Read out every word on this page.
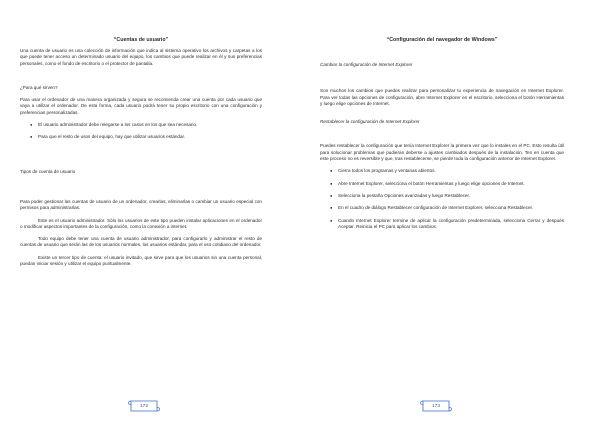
“Cuentas de usuario”

Una cuenta de usuario es una colección de información que indica al sistema operativo los archivos y carpetas a los que puede tener acceso un determinado usuario del equipo, los cambios que puede realizar en él y sus preferencias personales, como el fondo de escritorio o el protector de pantalla.

¿Para qué sirven?

Para usar el ordenador de una manera organizada y segura se recomienda crear una cuenta por cada usuario que vaya a utilizar el ordenador. De esta forma, cada usuario podrá tener su propio escritorio con una configuración y preferencias personalizadas.

● El usuario administrador debe relegarse a los casos en los que sea necesario.
● Para que el resto de usos del equipo, hay que utilizar usuarios estándar.

Tipos de cuenta de usuario

Para poder gestionar las cuentas de usuario de un ordenador, crearlas, eliminarlas o cambiar un usuario especial con permisos para administrarlas.

Este es el usuario administrador. Sólo los usuarios de este tipo pueden instalar aplicaciones en el ordenador o modificar aspectos importantes de la configuración, como la conexión a internet.

Todo equipo debe tener una cuenta de usuario administrador, para configurarlo y administrar el resto de cuentas de usuario que serán las de los usuarios normales, los usuarios estándar, para el uso cotidiano del ordenador.

Existe un tercer tipo de cuenta: el usuario invitado, que sirve para que los usuarios sin una cuenta personal, puedan iniciar sesión y utilizar el equipo puntualmente.

172
“Configuración del navegador de Windows”

Cambiar la configuración de Internet Explorer

Son muchos los cambios que puedes realizar para personalizar tu experiencia de navegación en Internet Explorer. Para ver todas las opciones de configuración, abre Internet Explorer en el escritorio, selecciona el botón Herramientas y luego elige opciones de Internet.

Restablecer la configuración de Internet Explorer

Puedes restablecer la configuración que tenía Internet Explorer la primera vez que lo instales en el PC. Esto resulta útil para solucionar problemas que pudieran deberse a ajustes cambiados después de la instalación. Ten en cuenta que este proceso no es reversible y que, tras restablecerse, se pierde toda la configuración anterior de Internet Explorer.

● Cierra todos los programas y ventanas abiertos.
● Abre Internet Explorer, selecciona el botón Herramientas y luego elige opciones de Internet.
● Selecciona la pestaña Opciones avanzadas y luego Restablecer.
● En el cuadro de diálogo Restablecer configuración de Internet Explorer, selecciona Restablecer.
● Cuando Internet Explorer termine de aplicar la configuración predeterminada, selecciona Cerrar y después Aceptar. Reinicia el PC para aplicar los cambios.
173
